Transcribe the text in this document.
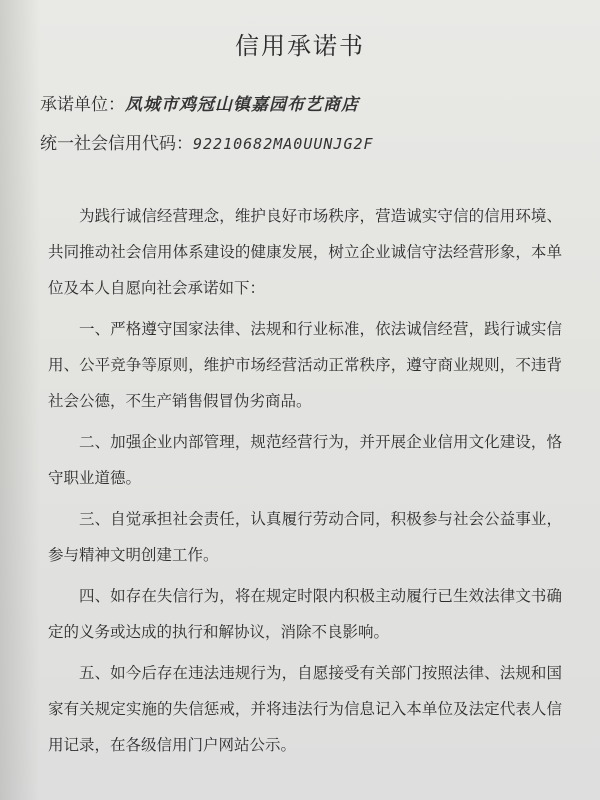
信用承诺书
承诺单位：凤城市鸡冠山镇嘉园布艺商店
统一社会信用代码：92210682MA0UUNJG2F

为践行诚信经营理念，维护良好市场秩序，营造诚实守信的信用环境、共同推动社会信用体系建设的健康发展，树立企业诚信守法经营形象，本单位及本人自愿向社会承诺如下：

一、严格遵守国家法律、法规和行业标准，依法诚信经营，践行诚实信用、公平竞争等原则，维护市场经营活动正常秩序，遵守商业规则，不违背社会公德，不生产销售假冒伪劣商品。

二、加强企业内部管理，规范经营行为，并开展企业信用文化建设，恪守职业道德。

三、自觉承担社会责任，认真履行劳动合同，积极参与社会公益事业，参与精神文明创建工作。

四、如存在失信行为，将在规定时限内积极主动履行已生效法律文书确定的义务或达成的执行和解协议，消除不良影响。

五、如今后存在违法违规行为，自愿接受有关部门按照法律、法规和国家有关规定实施的失信惩戒，并将违法行为信息记入本单位及法定代表人信用记录，在各级信用门户网站公示。
